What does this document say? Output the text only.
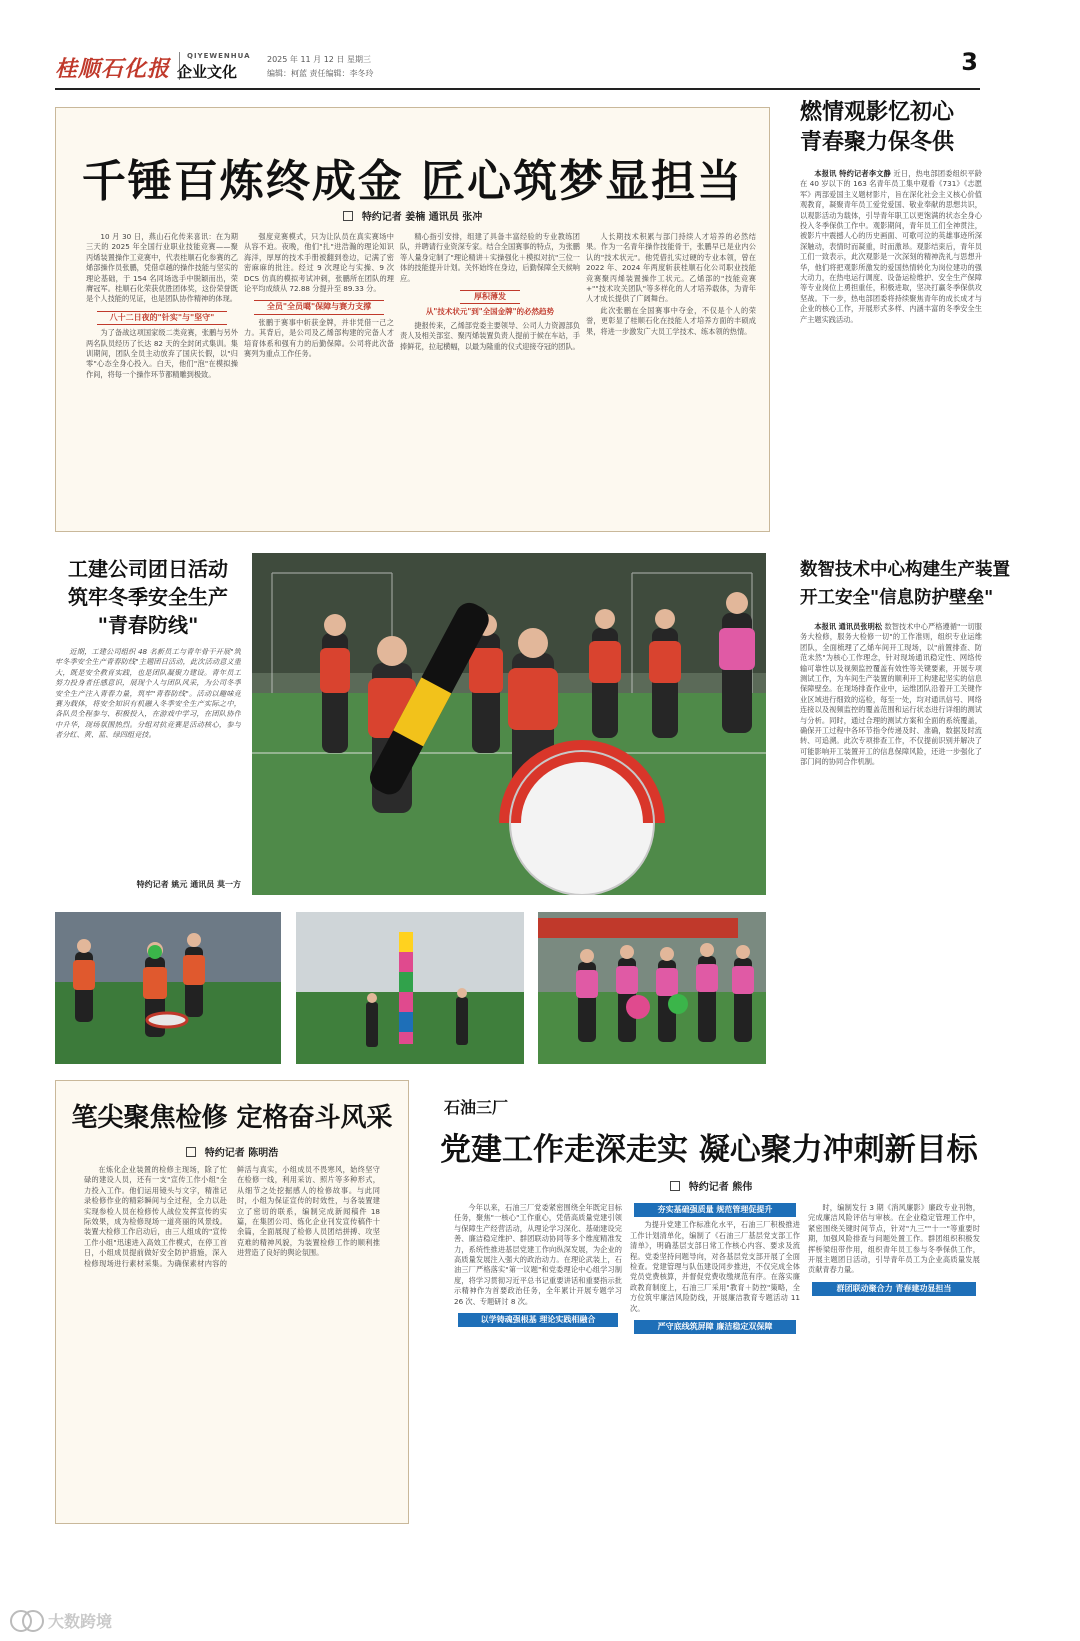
桂顺石化报 QIYEWENHUA
企业文化
2025 年 11 月 12 日 星期三
编辑：柯蓝 责任编辑：李冬玲	3
千锤百炼终成金 匠心筑梦显担当
特约记者 姜楠 通讯员 张冲

10 月 30 日，燕山石化传来喜讯：在为期三天的 2025 年全国行业职业技能竞赛——聚丙烯装置操作工竞赛中，代表桂顺石化参赛的乙烯部操作员张鹏，凭借卓越的操作技能与坚实的理论基础，于 154 名同场选手中脱颖而出，荣膺冠军。桂顺石化荣获优胜团体奖，这份荣誉既是个人技能的见证，也是团队协作精神的体现。

八十二日夜的"针实"与"坚守"

为了备战这项国家级二类竞赛，张鹏与另外两名队员经历了长达 82 天的全封闭式集训。集训期间，团队全员主动放弃了国庆长假，以"归零"心态全身心投入。白天，他们"泡"在模拟操作间，将每一个操作环节都精雕到极致。

强度竞赛模式，只为让队员在真实赛场中从容不迫。夜晚，他们"扎"进浩瀚的理论知识海洋，厚厚的技术手册被翻到卷边，记满了密密麻麻的批注。经过 9 次理论与实操、9 次 DCS 仿真的模拟考试冲刺，张鹏所在团队的理论平均成绩从 72.88 分提升至 89.33 分。

全员"全员噶"保障与赛力支撑

张鹏于赛事中斩获金牌，并非凭借一己之力。其背后，是公司及乙烯部构建的完备人才培育体系和强有力的后勤保障。公司将此次备赛列为重点工作任务。

精心指引安排，组建了具备丰富经验的专业教练团队，并聘请行业资深专家。结合全国赛事的特点，为张鹏等人量身定制了"理论精讲＋实操强化＋模拟对抗"三位一体的技能提升计划。关怀始终在身边，后勤保障全天候响应。

厚积薄发
从"技术状元"到"全国金牌"的必然趋势

捷报传来，乙烯部党委主要领导、公司人力资源部负责人及相关部室、聚丙烯装置负责人提前于候在车站，手捧鲜花，拉起横幅，以最为隆重的仪式迎接夺冠的团队。

人长期技术积累与部门持续人才培养的必然结果。作为一名青年操作技能骨干，张鹏早已是业内公认的"技术状元"。他凭借扎实过硬的专业本领，曾在 2022 年、2024 年两度斩获桂顺石化公司职业技能竞赛聚丙烯装置操作工状元。乙烯部的"技能竞赛+""技术攻关团队"等多样化的人才培养载体，为青年人才成长提供了广阔舞台。

此次张鹏在全国赛事中夺金，不仅是个人的荣誉，更彰显了桂顺石化在技能人才培养方面的丰硕成果，将进一步激发广大员工学技术、练本领的热情。

燃情观影忆初心
青春聚力保冬供

本报讯 特约记者李文静 近日，热电部团委组织平龄在 40 岁以下的 163 名青年员工集中观看《731》《志愿军》两部爱国主义题材影片，旨在深化社会主义核心价值观教育，凝聚青年员工爱党爱国、敬业奉献的思想共识，以观影活动为载体，引导青年职工以更饱满的状态全身心投入冬季保供工作中。观影期间，青年员工们全神贯注，被影片中震撼人心的历史画面、可歌可泣的英雄事迹所深深触动，表情时而凝重，时而激昂。观影结束后，青年员工们一致表示，此次观影是一次深刻的精神洗礼与思想升华，他们将把观影所激发的爱国热情转化为岗位建功的强大动力，在热电运行调度、设备运检维护、安全生产保障等专业岗位上勇担重任，积极进取，坚决打赢冬季保供攻坚战。下一步，热电部团委将持续聚焦青年的成长成才与企业的核心工作，开展形式多样、内涵丰富的冬季安全生产主题实践活动。

工建公司团日活动
筑牢冬季安全生产
"青春防线"

近期，工建公司组织 48 名新员工与青年骨干开展"筑牢冬季安全生产青春防线"主题团日活动，此次活动意义重大，既是安全教育实践，也是团队凝聚力建设。青年员工努力投身者任感意识，展现个人与团队风采，为公司冬季安全生产注入青春力量，筑牢"青春防线"。活动以趣味竞赛为载体，将安全知识有机融入冬季安全生产实际之中，各队员全程参与、积极投入，在游戏中学习，在团队协作中升华，现场氛围热烈。分组对抗竞赛是活动核心，参与者分红、黄、蓝、绿四组竞技。

特约记者 姚元 通讯员 莫一方
数智技术中心构建生产装置
开工安全"信息防护壁垒"

本报讯 通讯员张明松 数智技术中心严格遵循"一切服务大检修，服务大检修一切"的工作准则，组织专业运维团队，全面梳理了乙烯车间开工现场，以"前置排查、防范未然"为核心工作理念，针对现场通讯稳定性、网络传输可靠性以及视频监控覆盖有效性等关键要素，开展专项测试工作，为车间生产装置的顺利开工构建起坚实的信息保障壁垒。在现场排查作业中，运维团队沿着开工关键作业区域进行细致的巡检，每至一处，均对通讯信号、网络连接以及视频监控的覆盖范围和运行状态进行详细的测试与分析。同时，通过合理的测试方案和全面的系统覆盖，确保开工过程中各环节指令传递及时、准确，数据及时流转、可追溯。此次专项排查工作，不仅提前识别并解决了可能影响开工装置开工的信息保障风险，还进一步强化了部门间的协同合作机制。

笔尖聚焦检修 定格奋斗风采
特约记者 陈明浩

在炼化企业装置的检修主现场，除了忙碌的建设人员，还有一支"宣传工作小组"全力投入工作。他们运用镜头与文字，精准记录检修作业的精彩瞬间与全过程，全力以赴实现参检人员在检修传人战位发挥宣传的实际效果，成为检修现场一道亮丽的风景线。装置大检修工作启动后，由三人组成的"宣传工作小组"迅速进入高效工作模式，在停工首日，小组成员提前做好安全防护措施，深入检修现场进行素材采集。为确保素材内容的鲜活与真实，小组成员不畏寒风，始终坚守在检修一线，利用采访、照片等多种形式，从细节之处挖掘感人的检修故事。与此同时，小组为保证宣传的时效性，与各装置建立了密切的联系，编制完成新闻稿件 18 篇，在集团公司、炼化企业刊发宣传稿件十余篇，全面展现了检修人员团结拼搏、攻坚克难的精神风貌，为装置检修工作的顺利推进营造了良好的舆论氛围。

石油三厂
党建工作走深走实 凝心聚力冲刺新目标
特约记者 熊伟

今年以来，石油三厂党委紧密围绕全年既定目标任务，聚焦"一核心"工作重心，凭借高质量党建引领与保障生产经营活动，从理论学习深化、基础建设完善、廉洁稳定维护、群团联动协同等多个维度精准发力，系统性推进基层党建工作向纵深发展，为企业的高质量发展注入强大的政治动力。在理论武装上，石油三厂严格落实"第一议题"和党委理论中心组学习制度，将学习贯彻习近平总书记重要讲话和重要指示批示精神作为首要政治任务，全年累计开展专题学习 26 次、专题研讨 8 次。

以学铸魂强根基 理论实践相融合
夯实基础强质量 规范管理促提升

为提升党建工作标准化水平，石油三厂积极推进工作计划清单化，编制了《石油三厂基层党支部工作清单》，明确基层支部日常工作核心内容、要求及流程。党委坚持问题导向，对各基层党支部开展了全面检查。党建管理与队伍建设同步推进，不仅完成全体党员党费核算，并督促党费收缴规范有序。在落实廉政教育制度上，石油三厂采用"教育＋防控"策略，全方位筑牢廉洁风险防线，开展廉洁教育专题活动 11 次。

严守底线筑屏障 廉洁稳定双保障

时，编制发行 3 期《消风廉影》廉政专业刊物，完成廉洁风险评估与审核。在企业稳定管理工作中，紧密围绕关键时间节点，针对"九三""十一"等重要时期，加强风险排查与问题处置工作。群团组织积极发挥桥梁纽带作用，组织青年员工参与冬季保供工作，开展主题团日活动，引导青年员工为企业高质量发展贡献青春力量。

群团联动聚合力 青春建功显担当
大数跨境
